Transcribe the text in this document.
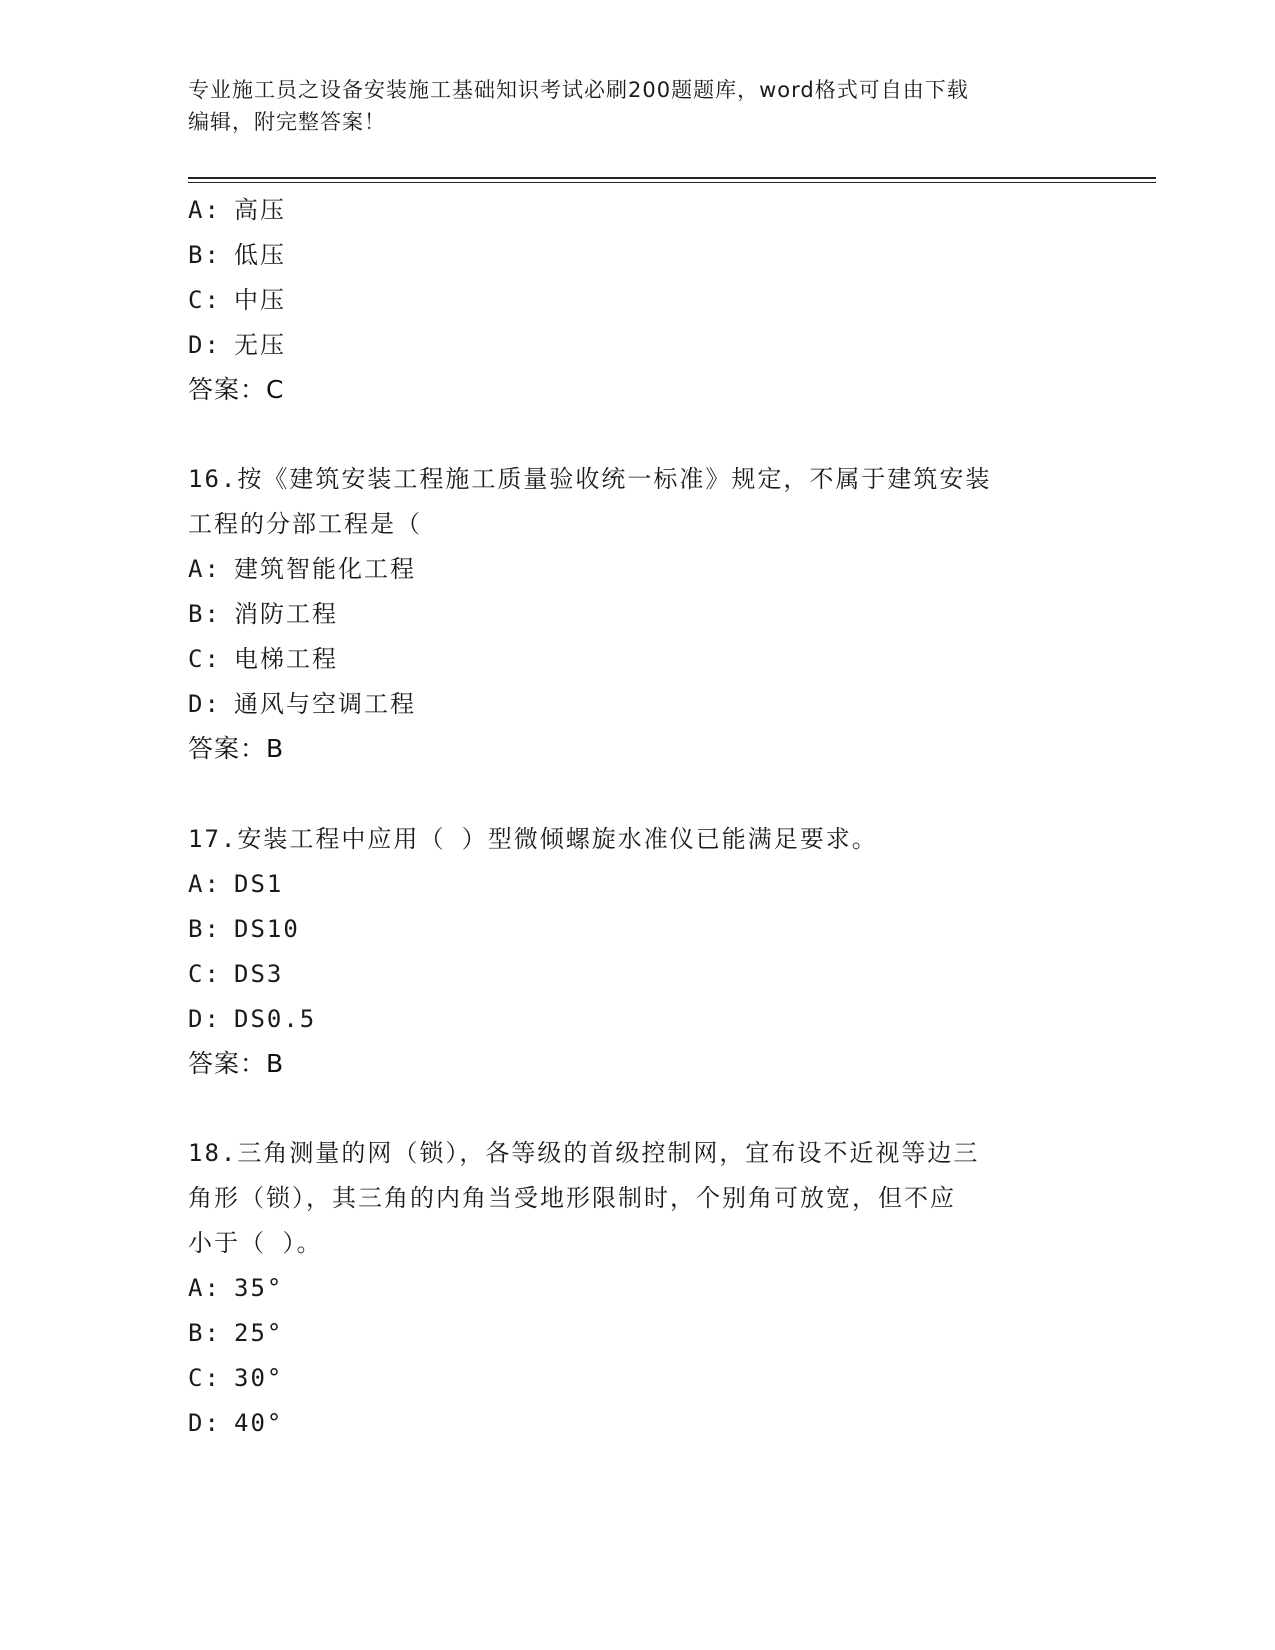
专业施工员之设备安装施工基础知识考试必刷200题题库，word格式可自由下载
编辑，附完整答案！
A: 高压
B: 低压
C: 中压
D: 无压
答案：C
16.按《建筑安装工程施工质量验收统一标准》规定，不属于建筑安装
工程的分部工程是（
A: 建筑智能化工程
B: 消防工程
C: 电梯工程
D: 通风与空调工程
答案：B
17.安装工程中应用（ ）型微倾螺旋水准仪已能满足要求。
A: DS1
B: DS10
C: DS3
D: DS0.5
答案：B
18.三角测量的网（锁），各等级的首级控制网，宜布设不近视等边三
角形（锁），其三角的内角当受地形限制时，个别角可放宽，但不应
小于（ ）。
A: 35°
B: 25°
C: 30°
D: 40°
